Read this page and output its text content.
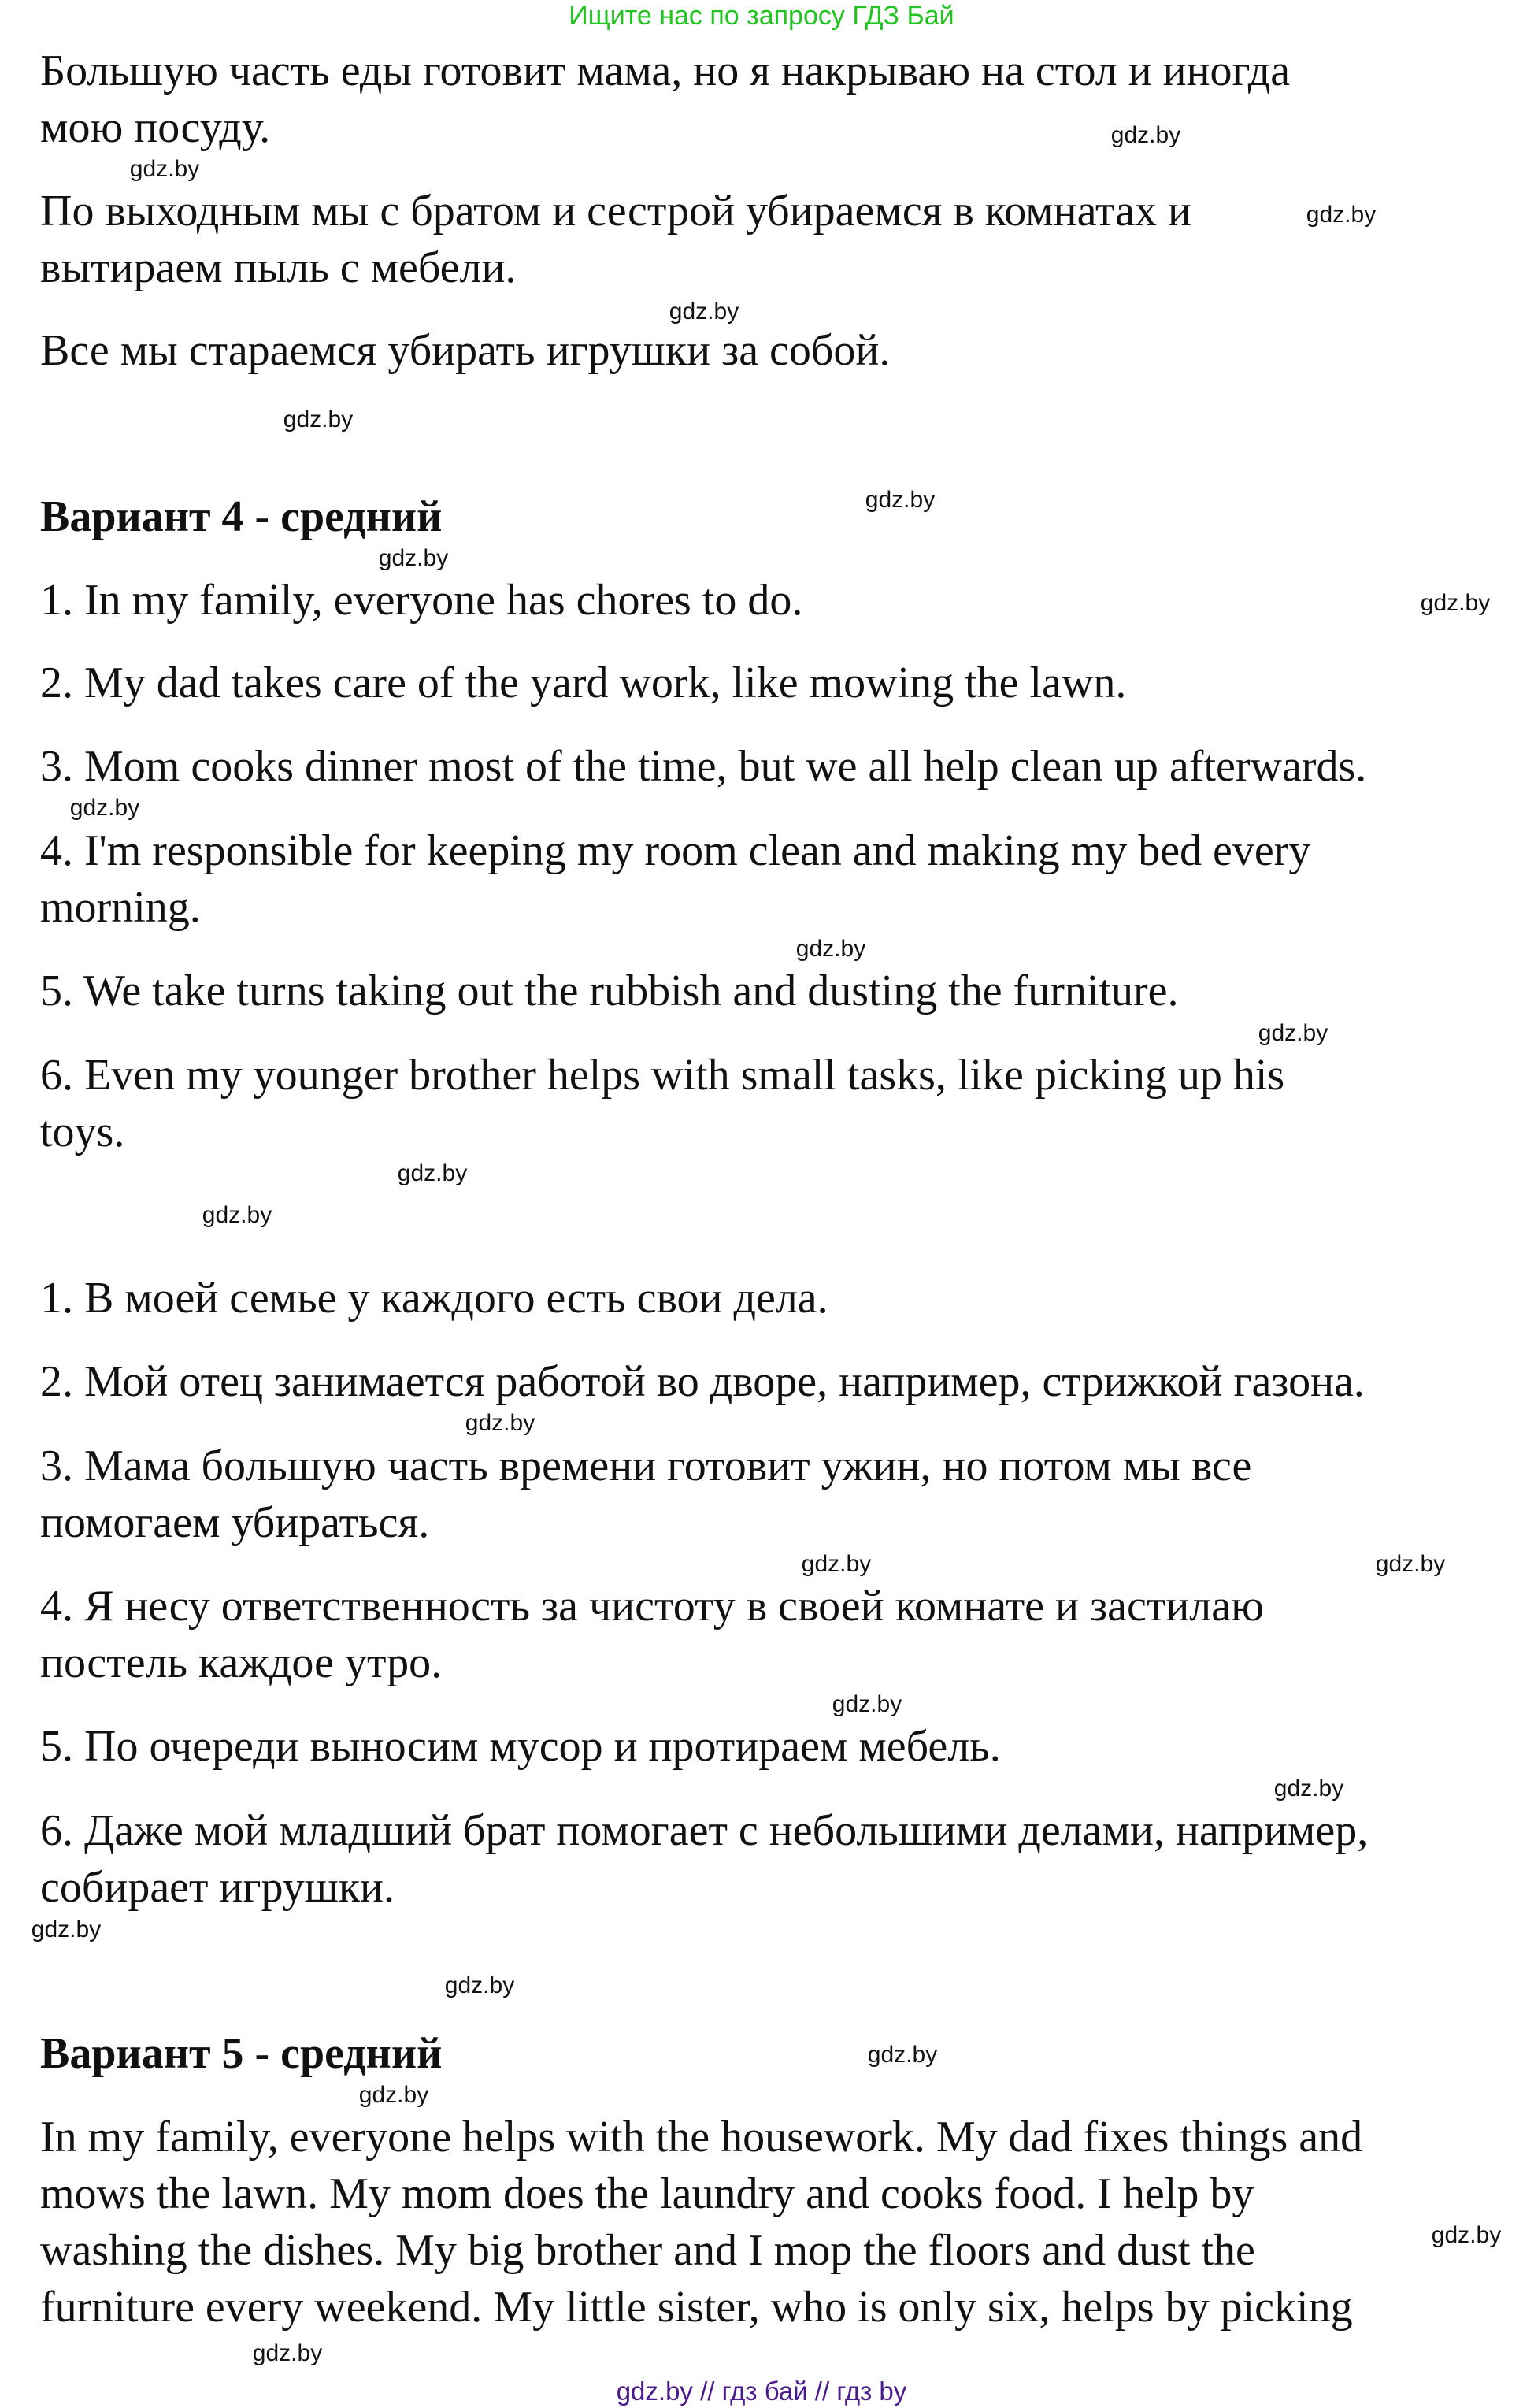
Ищите нас по запросу ГДЗ Бай
Большую часть еды готовит мама, но я накрываю на стол и иногда
мою посуду.
По выходным мы с братом и сестрой убираемся в комнатах и
вытираем пыль с мебели.
Все мы стараемся убирать игрушки за собой.
Вариант 4 - средний
1. In my family, everyone has chores to do.
2. My dad takes care of the yard work, like mowing the lawn.
3. Mom cooks dinner most of the time, but we all help clean up afterwards.
4. I'm responsible for keeping my room clean and making my bed every
morning.
5. We take turns taking out the rubbish and dusting the furniture.
6. Even my younger brother helps with small tasks, like picking up his
toys.
1. В моей семье у каждого есть свои дела.
2. Мой отец занимается работой во дворе, например, стрижкой газона.
3. Мама большую часть времени готовит ужин, но потом мы все
помогаем убираться.
4. Я несу ответственность за чистоту в своей комнате и застилаю
постель каждое утро.
5. По очереди выносим мусор и протираем мебель.
6. Даже мой младший брат помогает с небольшими делами, например,
собирает игрушки.
Вариант 5 - средний
In my family, everyone helps with the housework. My dad fixes things and
mows the lawn. My mom does the laundry and cooks food. I help by
washing the dishes. My big brother and I mop the floors and dust the
furniture every weekend. My little sister, who is only six, helps by picking
gdz.by
gdz.by
gdz.by
gdz.by
gdz.by
gdz.by
gdz.by
gdz.by
gdz.by
gdz.by
gdz.by
gdz.by
gdz.by
gdz.by
gdz.by	gdz.by
gdz.by
gdz.by
gdz.by
gdz.by
gdz.by
gdz.by
gdz.by
gdz.by
gdz.by // гдз бай // гдз by
